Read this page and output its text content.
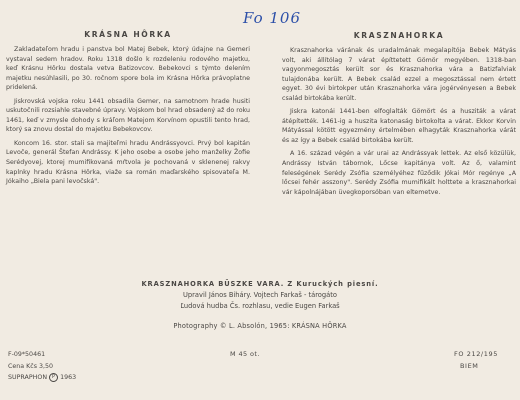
Fo 106
KRÁSNA HÔRKA

Zakladateľom hradu i panstva bol Matej Bebek, ktorý údajne na Gemeri vystaval sedem hradov. Roku 1318 došlo k rozdeleniu rodového majetku, keď Krásnu Hôrku dostala vetva Batizovcov. Bebekovci s týmto delením majetku nesúhlasili, po 30. ročnom spore bola im Krásna Hôrka právoplatne pridelená.

Jiskrovská vojska roku 1441 obsadila Gemer, na samotnom hrade husiti uskutočnili rozsiahle stavebné úpravy. Vojskom bol hrad obsadený až do roku 1461, keď v zmysle dohody s kráľom Matejom Korvínom opustili tento hrad, ktorý sa znovu dostal do majetku Bebekovcov.

Koncom 16. stor. stali sa majiteľmi hradu Andrássyovci. Prvý bol kapitán Levoče, generál Štefan Andrássy. K jeho osobe a osobe jeho manželky Žofie Serédyovej, ktorej mumifikovaná mŕtvola je pochovaná v sklenenej rakvy kaplnky hradu Krásna Hôrka, viaže sa román maďarského spisovateľa M. Jókaiho „Biela pani levočská".

KRASZNAHORKA

Krasznahorka várának és uradalmának megalapítója Bebek Mátyás volt, aki állítólag 7 várat építtetett Gömör megyében. 1318-ban vagyonmegosztás került sor és Krasznahorka vára a Batizfalviak tulajdonába került. A Bebek család ezzel a megosztással nem értett egyet. 30 évi birtokper után Krasznahorka vára jogérvényesen a Bebek család birtokába került.

Jiskra katonái 1441-ben elfoglalták Gömört és a husziták a várat átépítették. 1461-ig a huszita katonaság birtokolta a várat. Ekkor Korvin Mátyással kötött egyezmény értelmében elhagyták Krasznahorka várát és az így a Bebek család birtokába került.

A 16. század végén a vár urai az Andrássyak lettek. Az első közülük, Andrássy István tábornok, Lőcse kapitánya volt. Az ő, valamint feleségének Serédy Zsófia személyéhez fűződik Jókai Mór regénye „A lőcsei fehér asszony". Serédy Zsófia mumifikált holttete a krasznahorkai vár kápolnájában üvegkoporsóban van eltemetve.

KRASZNAHORKA BÜSZKE VARA. Z Kuruckých piesní.
Upravil János Biháry. Vojtech Farkaš - tárogáto
Ľudová hudba Čs. rozhlasu, vedie Eugen Farkaš
Photography © L. Absolón, 1965: KRÁSNA HÔRKA
F-09*50461
Cena Kčs 3,50
SUPRAPHON P 1963
M 45 ot.	FO 212/195
BIEM
